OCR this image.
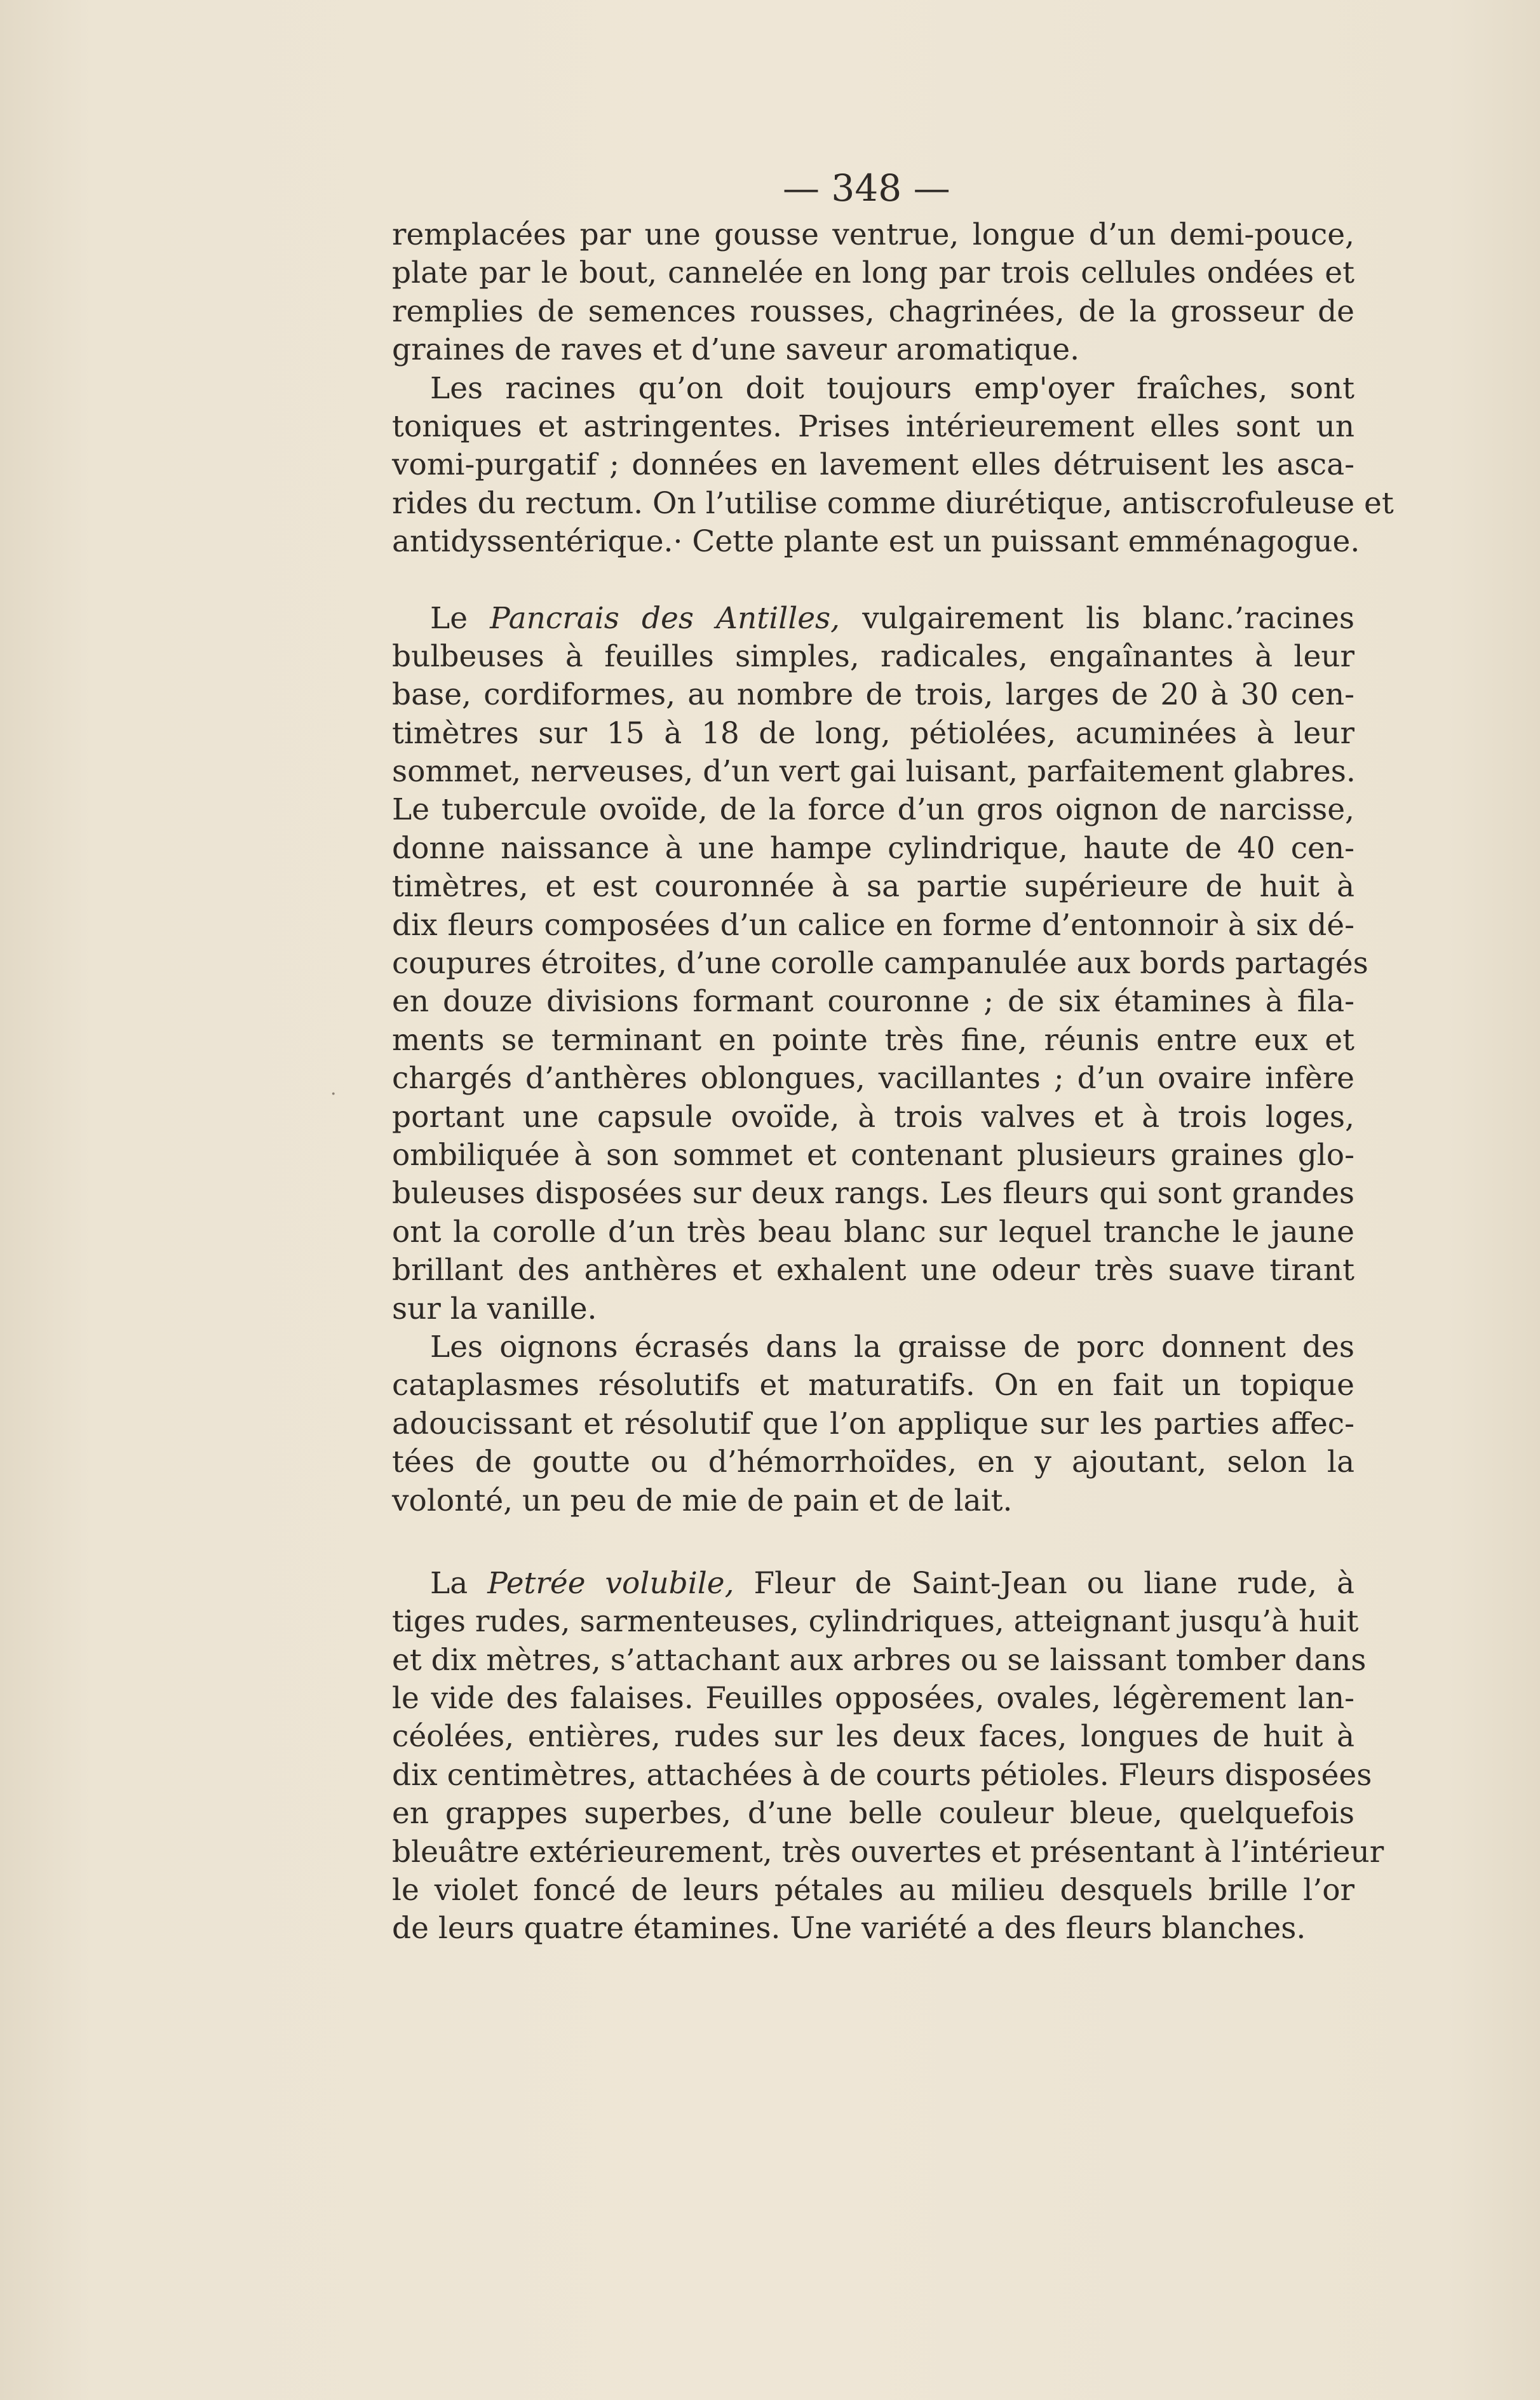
— 348 —
remplacées par une gousse ventrue, longue d’un demi-pouce,
plate par le bout, cannelée en long par trois cellules ondées et
remplies de semences rousses, chagrinées, de la grosseur de
graines de raves et d’une saveur aromatique.
Les racines qu’on doit toujours emp'oyer fraîches, sont
toniques et astringentes. Prises intérieurement elles sont un
vomi-purgatif ; données en lavement elles détruisent les asca-
rides du rectum. On l’utilise comme diurétique, antiscrofuleuse et
antidyssentérique.· Cette plante est un puissant emménagogue.
Le Pancrais des Antilles, vulgairement lis blanc.’racines
bulbeuses à feuilles simples, radicales, engaînantes à leur
base, cordiformes, au nombre de trois, larges de 20 à 30 cen-
timètres sur 15 à 18 de long, pétiolées, acuminées à leur
sommet, nerveuses, d’un vert gai luisant, parfaitement glabres.
Le tubercule ovoïde, de la force d’un gros oignon de narcisse,
donne naissance à une hampe cylindrique, haute de 40 cen-
timètres, et est couronnée à sa partie supérieure de huit à
dix fleurs composées d’un calice en forme d’entonnoir à six dé-
coupures étroites, d’une corolle campanulée aux bords partagés
en douze divisions formant couronne ; de six étamines à fila-
ments se terminant en pointe très fine, réunis entre eux et
chargés d’anthères oblongues, vacillantes ; d’un ovaire infère
portant une capsule ovoïde, à trois valves et à trois loges,
ombiliquée à son sommet et contenant plusieurs graines glo-
buleuses disposées sur deux rangs. Les fleurs qui sont grandes
ont la corolle d’un très beau blanc sur lequel tranche le jaune
brillant des anthères et exhalent une odeur très suave tirant
sur la vanille.
Les oignons écrasés dans la graisse de porc donnent des
cataplasmes résolutifs et maturatifs. On en fait un topique
adoucissant et résolutif que l’on applique sur les parties affec-
tées de goutte ou d’hémorrhoïdes, en y ajoutant, selon la
volonté, un peu de mie de pain et de lait.
La Petrée volubile, Fleur de Saint-Jean ou liane rude, à
tiges rudes, sarmenteuses, cylindriques, atteignant jusqu’à huit
et dix mètres, s’attachant aux arbres ou se laissant tomber dans
le vide des falaises. Feuilles opposées, ovales, légèrement lan-
céolées, entières, rudes sur les deux faces, longues de huit à
dix centimètres, attachées à de courts pétioles. Fleurs disposées
en grappes superbes, d’une belle couleur bleue, quelquefois
bleuâtre extérieurement, très ouvertes et présentant à l’intérieur
le violet foncé de leurs pétales au milieu desquels brille l’or
de leurs quatre étamines. Une variété a des fleurs blanches.
·
